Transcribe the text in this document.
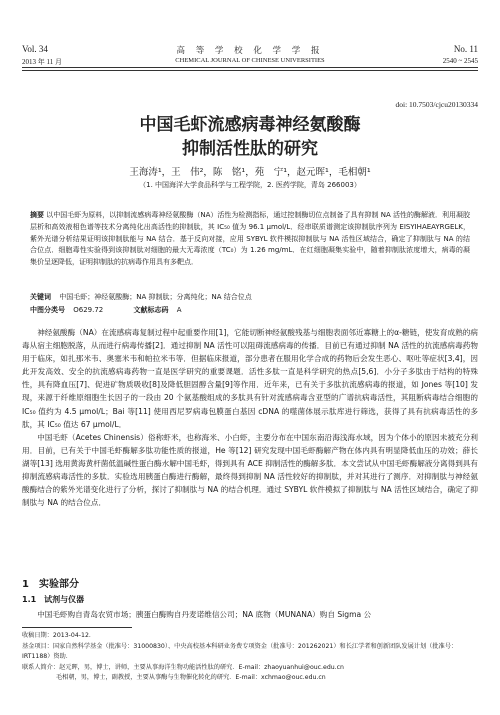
Vol. 34
2013 年 11 月
高 等 学 校 化 学 学 报
CHEMICAL JOURNAL OF CHINESE UNIVERSITIES
No. 11
2540 ~ 2545
doi: 10.7503/cjcu20130334
中国毛虾流感病毒神经氨酸酶
抑制活性肽的研究
王海涛¹，王　伟²，陈　铭¹，苑　宁¹，赵元晖¹，毛相朝¹
（1. 中国海洋大学食品科学与工程学院，2. 医药学院，青岛 266003）
摘要 以中国毛虾为原料，以抑制流感病毒神经氨酸酶（NA）活性为检测指标，通过控制酶切位点制备了具有抑制 NA 活性的酶解液．利用凝胶层析和高效液相色谱等技术分离纯化出高活性的抑制肽，其 IC₅₀ 值为 96.1 μmol/L．经串联质谱测定该抑制肽序列为 EISYIHAEAYRGELK，紫外光谱分析结果证明该抑制肽能与 NA 结合．基于反向对接，应用 SYBYL 软件模拟抑制肽与 NA 活性区域结合，确定了抑制肽与 NA 的结合位点．细胞毒性实验得到该抑制肽对细胞的最大无毒浓度（TC₀）为 1.26 mg/mL．在红细胞凝集实验中，随着抑制肽浓度增大，病毒的凝集价呈逐降低，证明抑制肽的抗病毒作用具有多靶点．
关键词 中国毛虾；神经氨酸酶；NA 抑制肽；分离纯化；NA 结合位点
中图分类号 O629.72	文献标志码 A

神经氨酸酶（NA）在流感病毒复制过程中起重要作用[1]，它能切断神经氨酸残基与细胞表面邻近寡糖上的α-糖链，使发育成熟的病毒从宿主细胞脱落，从而进行病毒传播[2]．通过抑制 NA 活性可以阻碍流感病毒的传播．目前已有通过抑制 NA 活性的抗流感病毒药物用于临床，如扎那米韦、奥塞米韦和帕拉米韦等．但据临床报道，部分患者在服用化学合成的药物后会发生恶心、呕吐等症状[3,4]，因此开发高效、安全的抗流感病毒药物一直是医学研究的重要课题．活性多肽一直是科学研究的热点[5,6]．小分子多肽由于结构的特殊性，具有降血压[7]、促进矿物质吸收[8]及降低胆固醇含量[9]等作用．近年来，已有关于多肽抗流感病毒的报道，如 Jones 等[10] 发现，来源于纤维原细胞生长因子的一段由 20 个氨基酸组成的多肽具有针对流感病毒含亚型的广谱抗病毒活性，其阻断病毒结合细胞的 IC₅₀ 值约为 4.5 μmol/L；Bai 等[11] 使用西尼罗病毒包膜蛋白基因 cDNA 的噬菌体展示肽库进行筛选，获得了具有抗病毒活性的多肽，其 IC₅₀ 值达 67 μmol/L．

中国毛虾（Acetes Chinensis）俗称虾米，也称海米、小白虾，主要分布在中国东南沿海浅海水域，因为个体小的原因未被充分利用．目前，已有关于中国毛虾酶解多肽功能性质的报道，He 等[12] 研究发现中国毛虾酶解产物在体内具有明显降低血压的功效；薛长湖等[13] 选用黄海黄杆菌低温碱性蛋白酶水解中国毛虾，得到具有 ACE 抑制活性的酶解多肽．本文尝试从中国毛虾酶解液分离得到具有抑制流感病毒活性的多肽．实验选用胰蛋白酶进行酶解，最终得到抑制 NA 活性较好的抑制肽，并对其进行了测序．对抑制肽与神经氨酸酶结合的紫外光谱变化进行了分析，探讨了抑制肽与 NA 的结合机理．通过 SYBYL 软件模拟了抑制肽与 NA 活性区域结合，确定了抑制肽与 NA 的结合位点．

1　实验部分
1.1　试剂与仪器

中国毛虾购自青岛农贸市场；胰蛋白酶购自丹麦诺维信公司；NA 底物（MUNANA）购自 Sigma 公

收稿日期：2013-04-12．
基金项目：国家自然科学基金（批准号：31000830）、中央高校基本科研业务费专项资金（批准号：201262021）和长江学者和创新团队发展计划（批准号：IRT1188）资助．
联系人简介：赵元晖，男，博士，讲师，主要从事海洋生物功能活性肽的研究．E-mail：zhaoyuanhui@ouc.edu.cn
毛相朝，男，博士，副教授，主要从事酶与生物催化转化的研究．E-mail：xchmao@ouc.edu.cn
